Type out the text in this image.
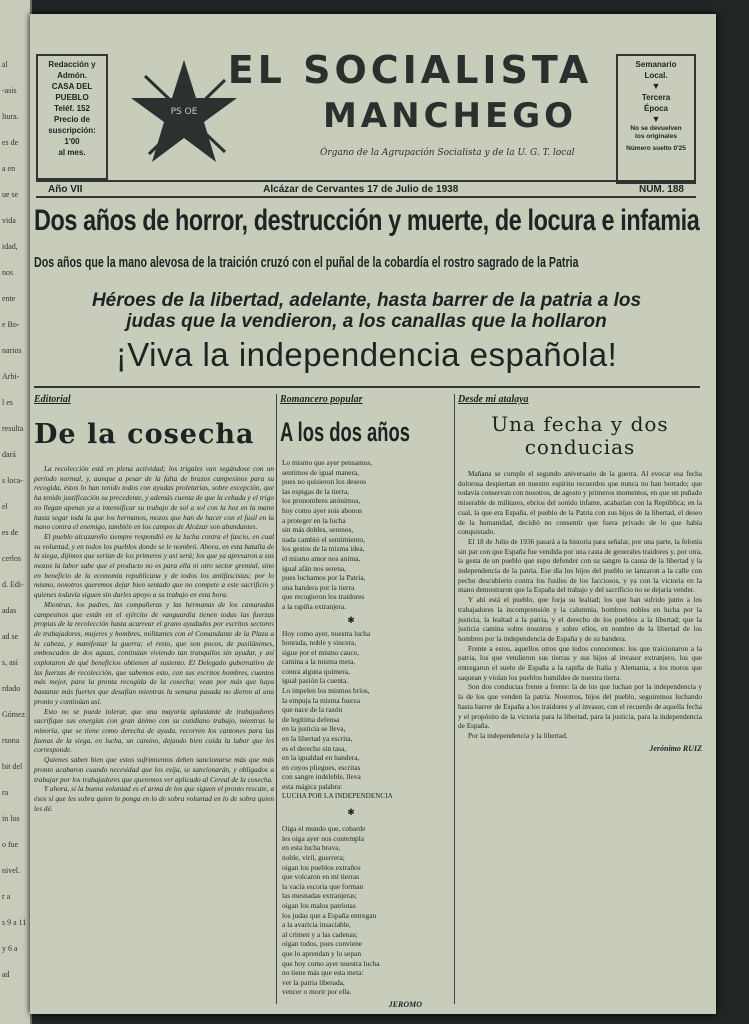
al
-asis
ltura.
es de
a en
ue se
vida
idad,
nos
ente
e Bo-
narios
Arbi-
l es
resulta
dará
s loca-
el
es de
cerlos
d. Edi-
adas
ad se
s, así
rdado
Gómez
rsona
bit del
ra
in los
o fue
nivel.
r a
s 9 a 11
y 6 a
ad
Redacción y
Admón.
CASA DEL
PUEBLO
Teléf. 152
Precio de
suscripción: 1'00
al mes.
PS OE
EL SOCIALISTA
MANCHEGO
Órgano de la Agrupación Socialista y de la U. G. T. local
Semanario
Local.
▼
Tercera
Época
▼
No se devuelven
los originales
Número suelto 0'25
Año VII	Alcázar de Cervantes 17 de Julio de 1938	NÚM. 188
Dos años de horror, destrucción y muerte, de locura e infamia
Dos años que la mano alevosa de la traición cruzó con el puñal de la cobardía el rostro sagrado de la Patria
Héroes de la libertad, adelante, hasta barrer de la patria a los
judas que la vendieron, a los canallas que la hollaron
¡Viva la independencia española!
Editorial
De la cosecha

La recolección está en plena actividad; los trigales van segándose con un período normal, y, aunque a pesar de la falta de brazos campesinos para su recogida, éstos lo han tenido todos con ayudas proletarias, sobre excepción, que ha tenido justificación su precedente, y además cuenta de que la cebada y el trigo no llegan apenas ya a intensificar su trabajo de sol a sol con la hoz en la mano hasta segar toda la que los hermanos, mozos que han de hacer con el fusil en la mano contra el enemigo, también en los campos de Alcázar son abundantes.

El pueblo alcazareño siempre respondió en la lucha contra el fascio, en cual su voluntad, y en todos los pueblos donde se le nombró. Ahora, en esta batalla de la siega, dijimos que serían de los primeros y así será; los que ya apresaron a sus mozos la labor sabe que el producto no es para ella ni otro sector gremial, sino en beneficio de la economía republicana y de todos los antifascistas; por lo mismo, nosotros queremos dejar bien sentado que no compete a este sacrificio y quienes todavía siguen sin darles apoyo a su trabajo en esta hora.

Mientras, los padres, las compañeras y las hermanas de los camaradas campesinos que están en el ejército de vanguardia tienen todas las fuerzas propias de la recolección hasta acarrear el grano ayudados por escritos sectores de trabajadores, mujeres y hombres, militantes con el Comandante de la Plaza a la cabeza, y manifestar la guerra; el resto, que son pocos, de pusilánimes, emboscados de dos aguas, continúan viviendo tan tranquilos sin ayudar, y así explotaron de qué beneficios obtienen al sustento. El Delegado gubernativo de las fuerzas de recolección, que sabemos esto, con sus escritos hombres, cuantos más mejor, para la pronta recogida de la cosecha; vean por más que haya bastante más fuertes que desafían mientras la semana pasada no dieron al una pronto y continúan así.

Esto no se puede tolerar, que una mayoría aplastante de trabajadores sacrifique sus energías con gran ánimo con su cotidiano trabajo, mientras la minoría, que se tiene como derecha de ayuda, recorren los cantones para las faenas de la siega, en lucha, un camino, dejando bien caída la labor que les corresponde.

Quienes saben bien que estos sufrimientos deben sancionarse más que más pronto acabaron cuando necesidad que los exija, se sancionarán, y obligados a trabajar por los trabajadores que queremos ver aplicado al Cereal de la cosecha.

Y ahora, si la buena voluntad es el arma de los que siguen el pronto rescate, a ésos sí que les sobra quien lo ponga en lo de sobra voluntad en lo de sobra quien les dé.

Romancero popular
A los dos años

Lo mismo que ayer pensamos,
sentimos de igual manera,
pues no quisieron los deseos
las espigas de la tierra,
los pronombres anónimos,
hoy como ayer sois abonos
a proteger en la lucha
sin más dobles, serenos,
nada cambió el sentimiento,
los gestos de la misma idea,
el mismo amor nos anima,
igual afán nos serena,
pues luchamos por la Patria,
una bandera por la tierra
que recogieron los traidores
a la rapiña extranjera.

✱

Hoy como ayer, nuestra lucha
honrada, noble y sincera,
sigue por el mismo cauce,
camina a la misma meta,
contra alguna quimera,
igual pasión la cuenta.
Lo impelen los mismos bríos,
la empuja la misma fuerza
que nace de la razón
de legítima defensa
en la justicia se lleva,
en la libertad ya escrita,
es el derecho sin tasa,
en la igualdad en bandera,
en cuyos pliegues, escritas
con sangre indeleble, lleva
esta mágica palabra:

LUCHA POR LA INDEPENDENCIA

✱

Oiga el mundo que, cobarde
les oiga ayer nos contempla
en esta lucha brava,
noble, viril, guerrera;
oigan los pueblos extraños
que volcaron en mí tierras
la vacía escoria que forman
las mesnadas extranjeras;
oigan los malos patriotas
los judas que a España entregan
a la avaricia insaciable,
al crimen y a las cadenas;
oigan todos, pues conviene
que lo aprendan y lo sepan
que hoy como ayer nuestra lucha
no tiene más que esta meta:
ver la patria liberada,
vencer o morir por ella.

JEROMO
Desde mi atalaya
Una fecha y dos conducias

Mañana se cumple el segundo aniversario de la guerra. Al evocar esa fecha dolorosa despiertan en nuestro espíritu recuerdos que nunca no han borrado; que todavía conservan con nosotros, de agosto y primeros momentos, en que un puñado miserable de militares, ebrios del sonido infame, acabarían con la República; en la cual, la que era España, el pueblo de la Patria con sus hijos de la libertad, el deseo de la humanidad, decidió no consentir que fuera privado de lo que había conquistado.

El 18 de Julio de 1936 pasará a la historia para señalar, por una parte, la felonía sin par con que España fue vendida por una casta de generales traidores y, por otra, la gesta de un pueblo que supo defender con su sangre la causa de la libertad y la independencia de la patria. Ese día los hijos del pueblo se lanzaron a la calle con pecho descubierto contra los fusiles de los facciosos, y ya con la victoria en la mano demostraron que la España del trabajo y del sacrificio no se dejaría vender.

Y ahí está el pueblo, que forja su lealtad; los que han sufrido junto a los trabajadores la incomprensión y la calumnia, hombres nobles en lucha por la justicia, la lealtad a la patria, y el derecho de los pueblos a la libertad; que la justicia camina sobre nosotros y sobre ellos, en nombre de la libertad de los hombres por la independencia de España y de su bandera.

Frente a estos, aquellos otros que todos conocemos: los que traicionaron a la patria, los que vendieron sus tierras y sus hijos al invasor extranjero, los que entregaron el suelo de España a la rapiña de Italia y Alemania, a los moros que saquean y violan los pueblos humildes de nuestra tierra.

Son dos conductas frente a frente: la de los que luchan por la independencia y la de los que venden la patria. Nosotros, hijos del pueblo, seguiremos luchando hasta barrer de España a los traidores y al invasor, con el recuerdo de aquella fecha y el propósito de la victoria para la libertad, para la justicia, para la independencia de España.

Por la independencia y la libertad.

Jerónimo RUIZ
